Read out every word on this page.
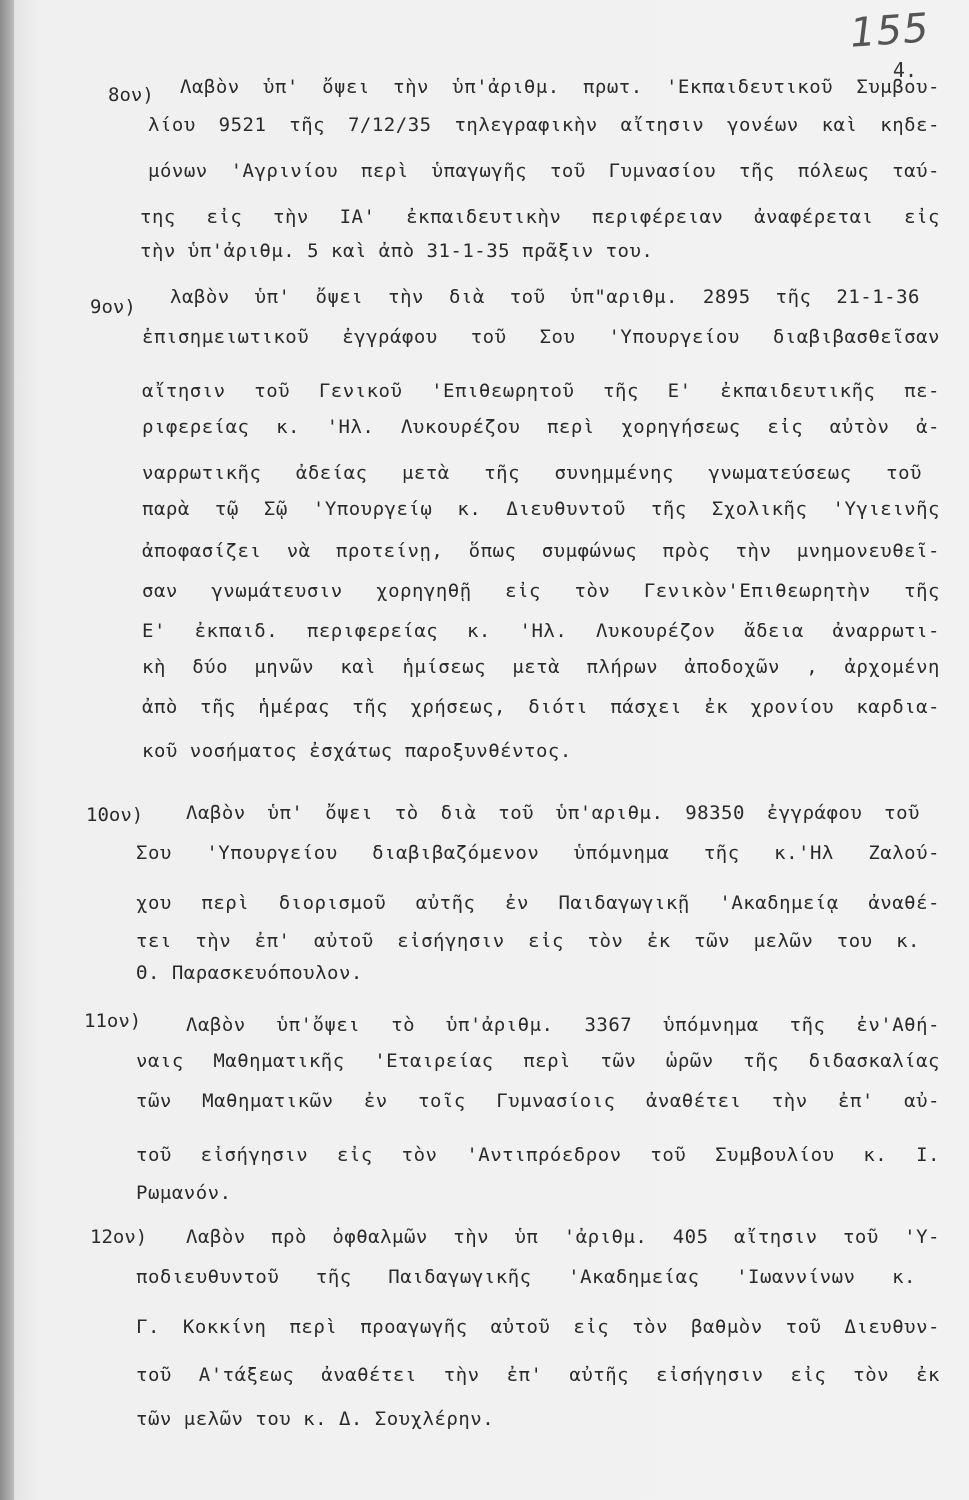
155
4.
8ον) Λαβὸν ὑπ' ὄψει τὴν ὑπ'ἀριθμ. πρωτ. 'Εκπαιδευτικοῦ Συμβου-
λίου 9521 τῆς 7/12/35 τηλεγραφικὴν αἴτησιν γονέων καὶ κηδε-
μόνων 'Αγρινίου περὶ ὑπαγωγῆς τοῦ Γυμνασίου τῆς πόλεως ταύ-
της εἰς τὴν ΙΑ' ἐκπαιδευτικὴν περιφέρειαν ἀναφέρεται εἰς
τὴν ὑπ'ἀριθμ. 5 καὶ ἀπὸ 31-1-35 πρᾶξιν του.
9ον) λαβὸν ὑπ' ὄψει τὴν διὰ τοῦ ὑπ"αριθμ. 2895 τῆς 21-1-36
ἐπισημειωτικοῦ ἐγγράφου τοῦ Σου 'Υπουργείου διαβιβασθεῖσαν
αἴτησιν τοῦ Γενικοῦ 'Επιθεωρητοῦ τῆς Ε' ἐκπαιδευτικῆς πε-
ριφερείας κ. 'Ηλ. Λυκουρέζου περὶ χορηγήσεως εἰς αὐτὸν ἀ-
ναρρωτικῆς ἀδείας μετὰ τῆς συνημμένης γνωματεύσεως τοῦ
παρὰ τῷ Σῷ 'Υπουργείῳ κ. Διευθυντοῦ τῆς Σχολικῆς 'Υγιεινῆς
ἀποφασίζει νὰ προτείνῃ, ὅπως συμφώνως πρὸς τὴν μνημονευθεῖ-
σαν γνωμάτευσιν χορηγηθῇ εἰς τὸν Γενικὸν'Επιθεωρητὴν τῆς
Ε' ἐκπαιδ. περιφερείας κ. 'Ηλ. Λυκουρέζον ἄδεια ἀναρρωτι-
κὴ δύο μηνῶν καὶ ἡμίσεως μετὰ πλήρων ἀποδοχῶν , ἀρχομένη
ἀπὸ τῆς ἡμέρας τῆς χρήσεως, διότι πάσχει ἐκ χρονίου καρδια-
κοῦ νοσήματος ἐσχάτως παροξυνθέντος.
10ον) Λαβὸν ὑπ' ὄψει τὸ διὰ τοῦ ὑπ'αριθμ. 98350 ἐγγράφου τοῦ
Σου 'Υπουργείου διαβιβαζόμενον ὑπόμνημα τῆς κ.'Ηλ Ζαλού-
χου περὶ διορισμοῦ αὐτῆς ἐν Παιδαγωγικῇ 'Ακαδημείᾳ ἀναθέ-
τει τὴν ἐπ' αὐτοῦ εἰσήγησιν εἰς τὸν ἐκ τῶν μελῶν του κ.
Θ. Παρασκευόπουλον.
11ον) Λαβὸν ὑπ'ὄψει τὸ ὑπ'ἀριθμ. 3367 ὑπόμνημα τῆς ἐν'Αθή-
ναις Μαθηματικῆς 'Εταιρείας περὶ τῶν ὡρῶν τῆς διδασκαλίας
τῶν Μαθηματικῶν ἐν τοῖς Γυμνασίοις ἀναθέτει τὴν ἐπ' αὐ-
τοῦ εἰσήγησιν εἰς τὸν 'Αντιπρόεδρον τοῦ Συμβουλίου κ. Ι.
Ρωμανόν.
12ον) Λαβὸν πρὸ ὀφθαλμῶν τὴν ὑπ 'ἀριθμ. 405 αἴτησιν τοῦ 'Υ-
ποδιευθυντοῦ τῆς Παιδαγωγικῆς 'Ακαδημείας 'Ιωαννίνων κ.
Γ. Κοκκίνη περὶ προαγωγῆς αὐτοῦ εἰς τὸν βαθμὸν τοῦ Διευθυν-
τοῦ Α'τάξεως ἀναθέτει τὴν ἐπ' αὐτῆς εἰσήγησιν εἰς τὸν ἐκ
τῶν μελῶν του κ. Δ. Σουχλέρην.
